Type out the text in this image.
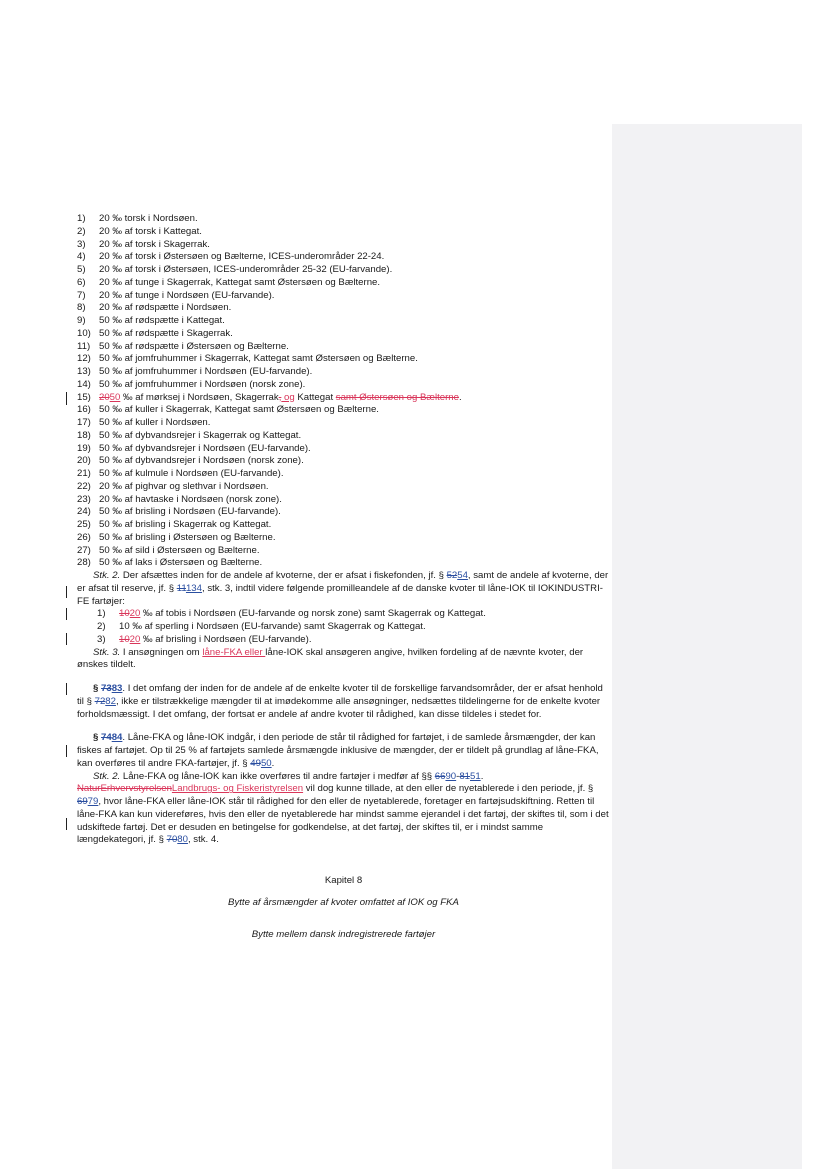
1) 20 ‰ torsk i Nordsøen.
2) 20 ‰ af torsk i Kattegat.
3) 20 ‰ af torsk i Skagerrak.
4) 20 ‰ af torsk i Østersøen og Bælterne, ICES-underområder 22-24.
5) 20 ‰ af torsk i Østersøen, ICES-underområder 25-32 (EU-farvande).
6) 20 ‰ af tunge i Skagerrak, Kattegat samt Østersøen og Bælterne.
7) 20 ‰ af tunge i Nordsøen (EU-farvande).
8) 20 ‰ af rødspætte i Nordsøen.
9) 50 ‰ af rødspætte i Kattegat.
10) 50 ‰ af rødspætte i Skagerrak.
11) 50 ‰ af rødspætte i Østersøen og Bælterne.
12) 50 ‰ af jomfruhummer i Skagerrak, Kattegat samt Østersøen og Bælterne.
13) 50 ‰ af jomfruhummer i Nordsøen (EU-farvande).
14) 50 ‰ af jomfruhummer i Nordsøen (norsk zone).
15) 2050 ‰ af mørksej i Nordsøen, Skagerrak, og Kattegat samt Østersøen og Bælterne.
16) 50 ‰ af kuller i Skagerrak, Kattegat samt Østersøen og Bælterne.
17) 50 ‰ af kuller i Nordsøen.
18) 50 ‰ af dybvandsrejer i Skagerrak og Kattegat.
19) 50 ‰ af dybvandsrejer i Nordsøen (EU-farvande).
20) 50 ‰ af dybvandsrejer i Nordsøen (norsk zone).
21) 50 ‰ af kulmule i Nordsøen (EU-farvande).
22) 20 ‰ af pighvar og slethvar i Nordsøen.
23) 20 ‰ af havtaske i Nordsøen (norsk zone).
24) 50 ‰ af brisling i Nordsøen (EU-farvande).
25) 50 ‰ af brisling i Skagerrak og Kattegat.
26) 50 ‰ af brisling i Østersøen og Bælterne.
27) 50 ‰ af sild i Østersøen og Bælterne.
28) 50 ‰ af laks i Østersøen og Bælterne.
Stk. 2. Der afsættes inden for de andele af kvoterne, der er afsat i fiskefonden, jf. § 5254, samt de andele af kvoterne, der er afsat til reserve, jf. § 11134, stk. 3, indtil videre følgende promilleandele af de danske kvoter til låne-IOK til IOKINDUSTRI-FE fartøjer:
1) 1020 ‰ af tobis i Nordsøen (EU-farvande og norsk zone) samt Skagerrak og Kattegat.
2) 10 ‰ af sperling i Nordsøen (EU-farvande) samt Skagerrak og Kattegat.
3) 1020 ‰ af brisling i Nordsøen (EU-farvande).
Stk. 3. I ansøgningen om låne-FKA eller låne-IOK skal ansøgeren angive, hvilken fordeling af de nævnte kvoter, der ønskes tildelt.
§ 7383. I det omfang der inden for de andele af de enkelte kvoter til de forskellige farvandsområder, der er afsat henhold til § 7282, ikke er tilstrækkelige mængder til at imødekomme alle ansøgninger, nedsættes tildelingerne for de enkelte kvoter forholdsmæssigt. I det omfang, der fortsat er andele af andre kvoter til rådighed, kan disse tildeles i stedet for.
§ 7484. Låne-FKA og låne-IOK indgår, i den periode de står til rådighed for fartøjet, i de samlede årsmængder, der kan fiskes af fartøjet. Op til 25 % af fartøjets samlede årsmængde inklusive de mængder, der er tildelt på grundlag af låne-FKA, kan overføres til andre FKA-fartøjer, jf. § 4950.
Stk. 2. Låne-FKA og låne-IOK kan ikke overføres til andre fartøjer i medfør af §§ 6690-8151. NaturErhvervstyrelsenLandbrugs- og Fiskeristyrelsen vil dog kunne tillade, at den eller de nyetablerede i den periode, jf. § 6979, hvor låne-FKA eller låne-IOK står til rådighed for den eller de nyetablerede, foretager en fartøjsudskiftning. Retten til låne-FKA kan kun videreføres, hvis den eller de nyetablerede har mindst samme ejerandel i det fartøj, der skiftes til, som i det udskiftede fartøj. Det er desuden en betingelse for godkendelse, at det fartøj, der skiftes til, er i mindst samme længdekategori, jf. § 7080, stk. 4.
Kapitel 8
Bytte af årsmængder af kvoter omfattet af IOK og FKA
Bytte mellem dansk indregistrerede fartøjer
